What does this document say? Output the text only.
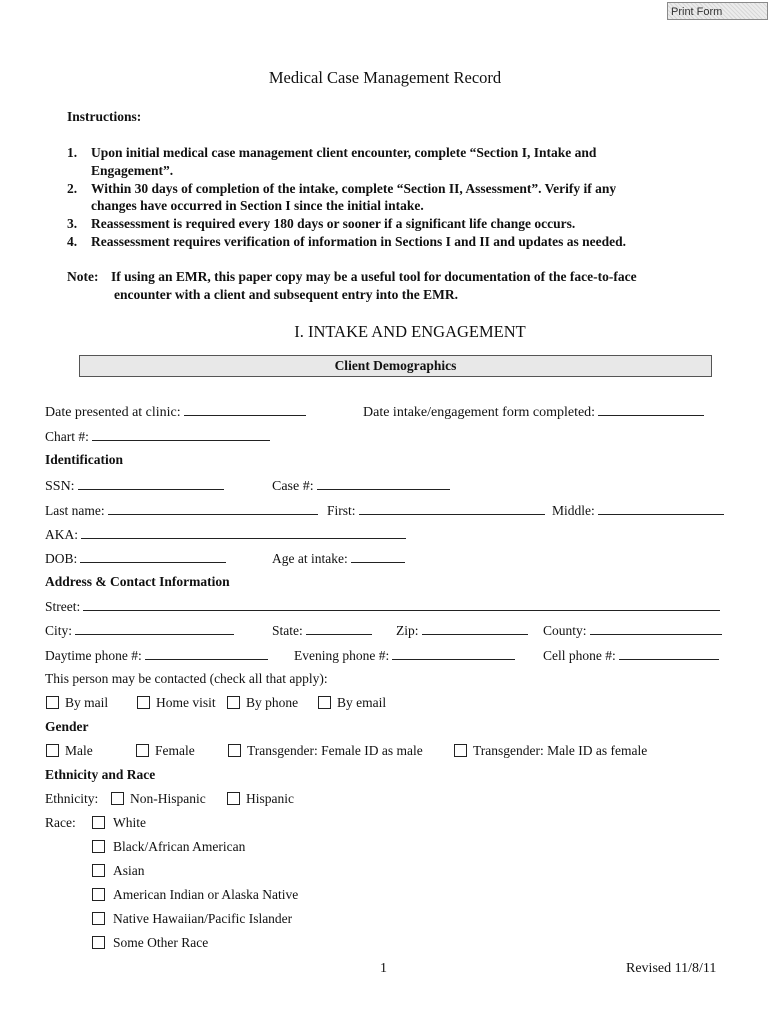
Print Form
Medical Case Management Record
Instructions:
1. Upon initial medical case management client encounter, complete “Section I, Intake and
Engagement”.
2. Within 30 days of completion of the intake, complete “Section II, Assessment”. Verify if any
changes have occurred in Section I since the initial intake.
3. Reassessment is required every 180 days or sooner if a significant life change occurs.
4. Reassessment requires verification of information in Sections I and II and updates as needed.
Note: If using an EMR, this paper copy may be a useful tool for documentation of the face-to-face
encounter with a client and subsequent entry into the EMR.
I. INTAKE AND ENGAGEMENT
Client Demographics
Date presented at clinic:	Date intake/engagement form completed:
Chart #:
Identification
SSN:	Case #:
Last name:	First:	Middle:
AKA:
DOB:	Age at intake:
Address & Contact Information
Street:
City:	State:	Zip:	County:
Daytime phone #:	Evening phone #:	Cell phone #:
This person may be contacted (check all that apply):
By mail	Home visit	By phone	By email
Gender
Male	Female	Transgender: Female ID as male	Transgender: Male ID as female
Ethnicity and Race
Ethnicity:	Non-Hispanic	Hispanic
Race:	White
Black/African American
Asian
American Indian or Alaska Native
Native Hawaiian/Pacific Islander
Some Other Race
1	Revised 11/8/11
